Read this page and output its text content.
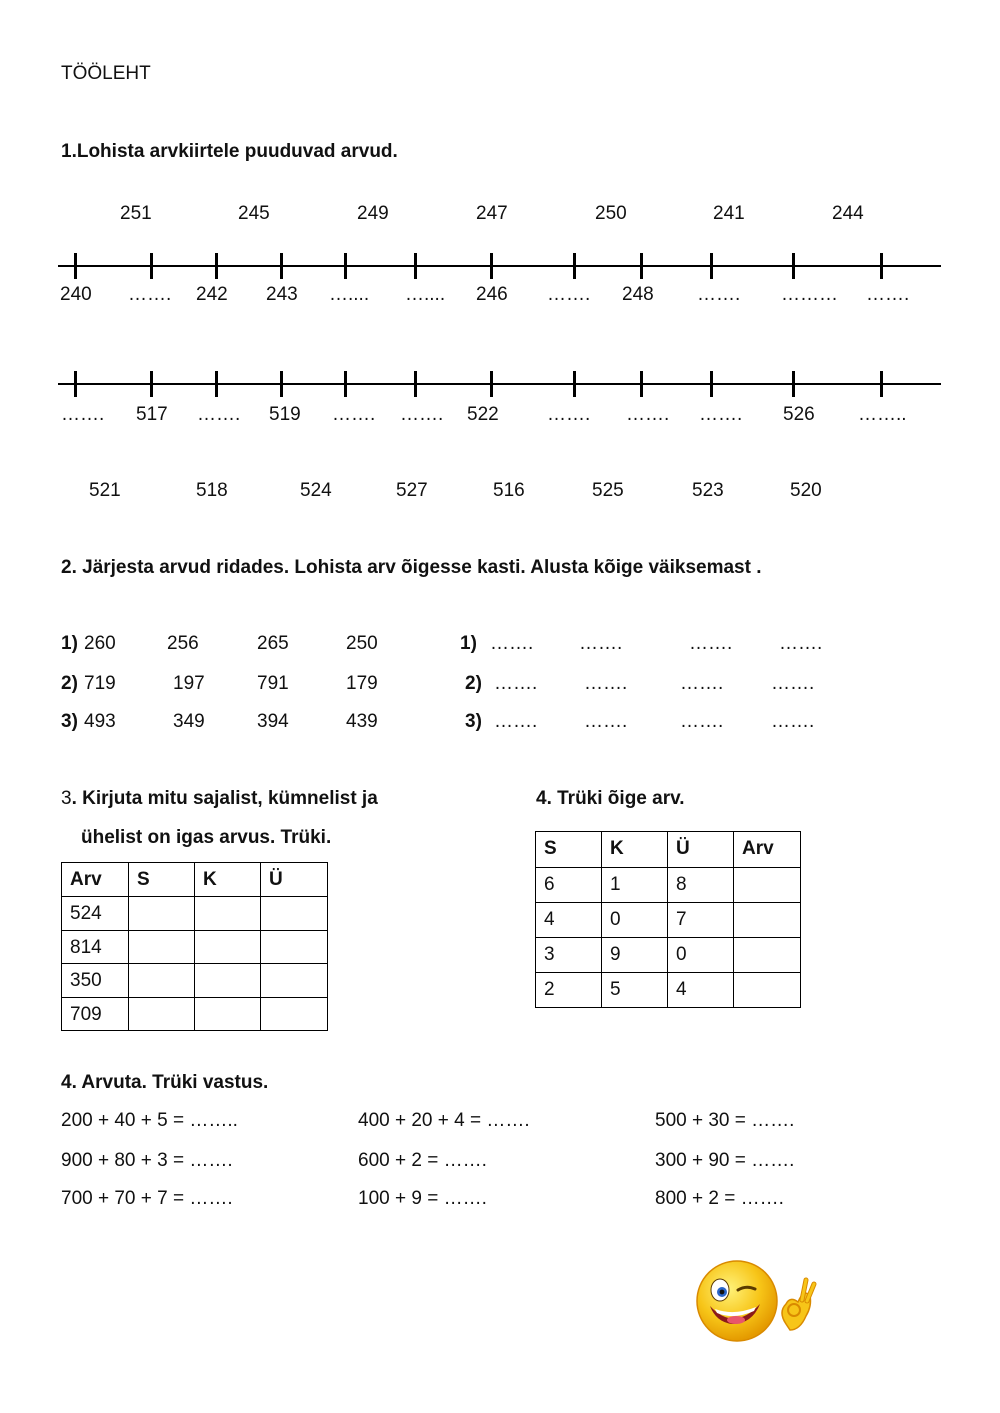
TÖÖLEHT
1.Lohista arvkiirtele puuduvad arvud.
251	245	249	247	250	241	244
240 ……. 242 243 ….... ….... 246 ……. 248 ……. ……… …….
……. 517 ……. 519 ……. ……. 522	……. ……. ……. 526 ……..
521	518	524	527	516	525	523	520
2. Järjesta arvud ridades. Lohista arv õigesse kasti. Alusta kõige väiksemast .
1) 260	256	265	250
2) 719	197	791	179
3) 493	349	394	439
1) ……. …….	……. …….
2) ……. …….	…….	…….
3) ……. …….	…….	…….
3. Kirjuta mitu sajalist, kümnelist ja
ühelist on igas arvus. Trüki.
Arv	S	K	Ü
524			
814			
350			
709			
4. Trüki õige arv.
S	K	Ü	Arv
6	1	8	
4	0	7	
3	9	0	
2	5	4	
4. Arvuta. Trüki vastus.
200 + 40 + 5 = ……..
900 + 80 + 3 = …….
700 + 70 + 7 = …….
400 + 20 + 4 = …….
600 + 2 = …….
100 + 9 = …….
500 + 30 = …….
300 + 90 = …….
800 + 2 = …….
